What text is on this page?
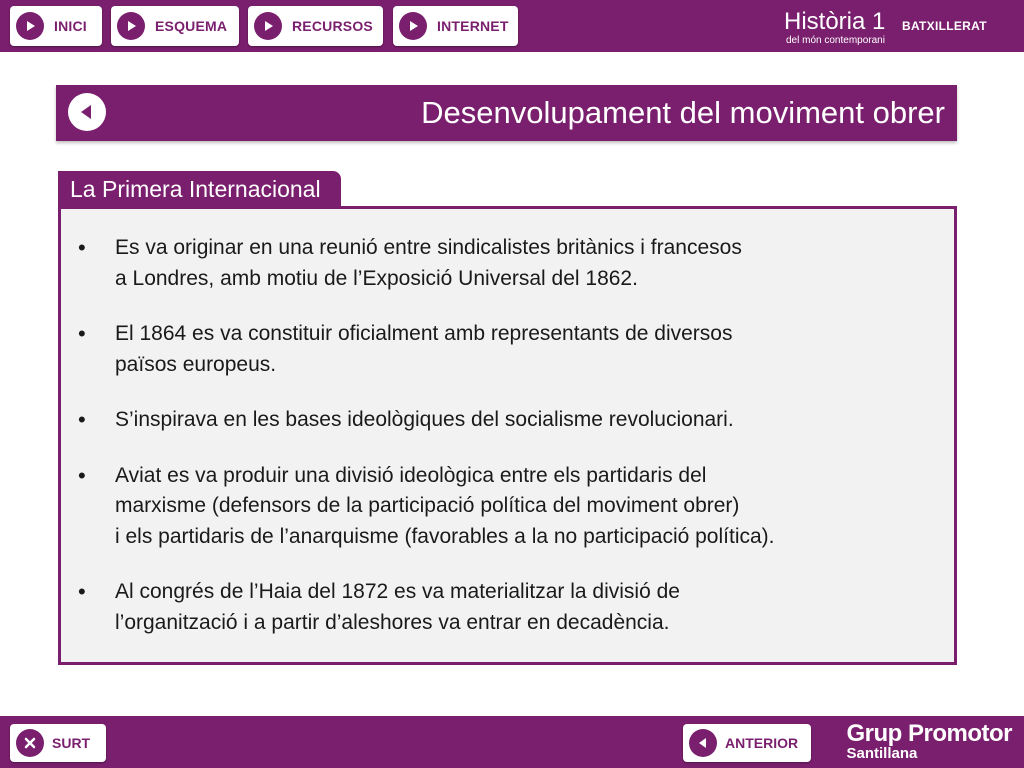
INICI	ESQUEMA	RECURSOS	INTERNET	Història 1 BATXILLERAT
del món contemporani
Desenvolupament del moviment obrer
La Primera Internacional
• Es va originar en una reunió entre sindicalistes britànics i francesos
a Londres, amb motiu de l’Exposició Universal del 1862.
• El 1864 es va constituir oficialment amb representants de diversos
països europeus.
• S’inspirava en les bases ideològiques del socialisme revolucionari.
• Aviat es va produir una divisió ideològica entre els partidaris del
marxisme (defensors de la participació política del moviment obrer)
i els partidaris de l’anarquisme (favorables a la no participació política).
• Al congrés de l’Haia del 1872 es va materialitzar la divisió de
l’organització i a partir d’aleshores va entrar en decadència.
SURT	ANTERIOR Grup Promotor
Santillana
